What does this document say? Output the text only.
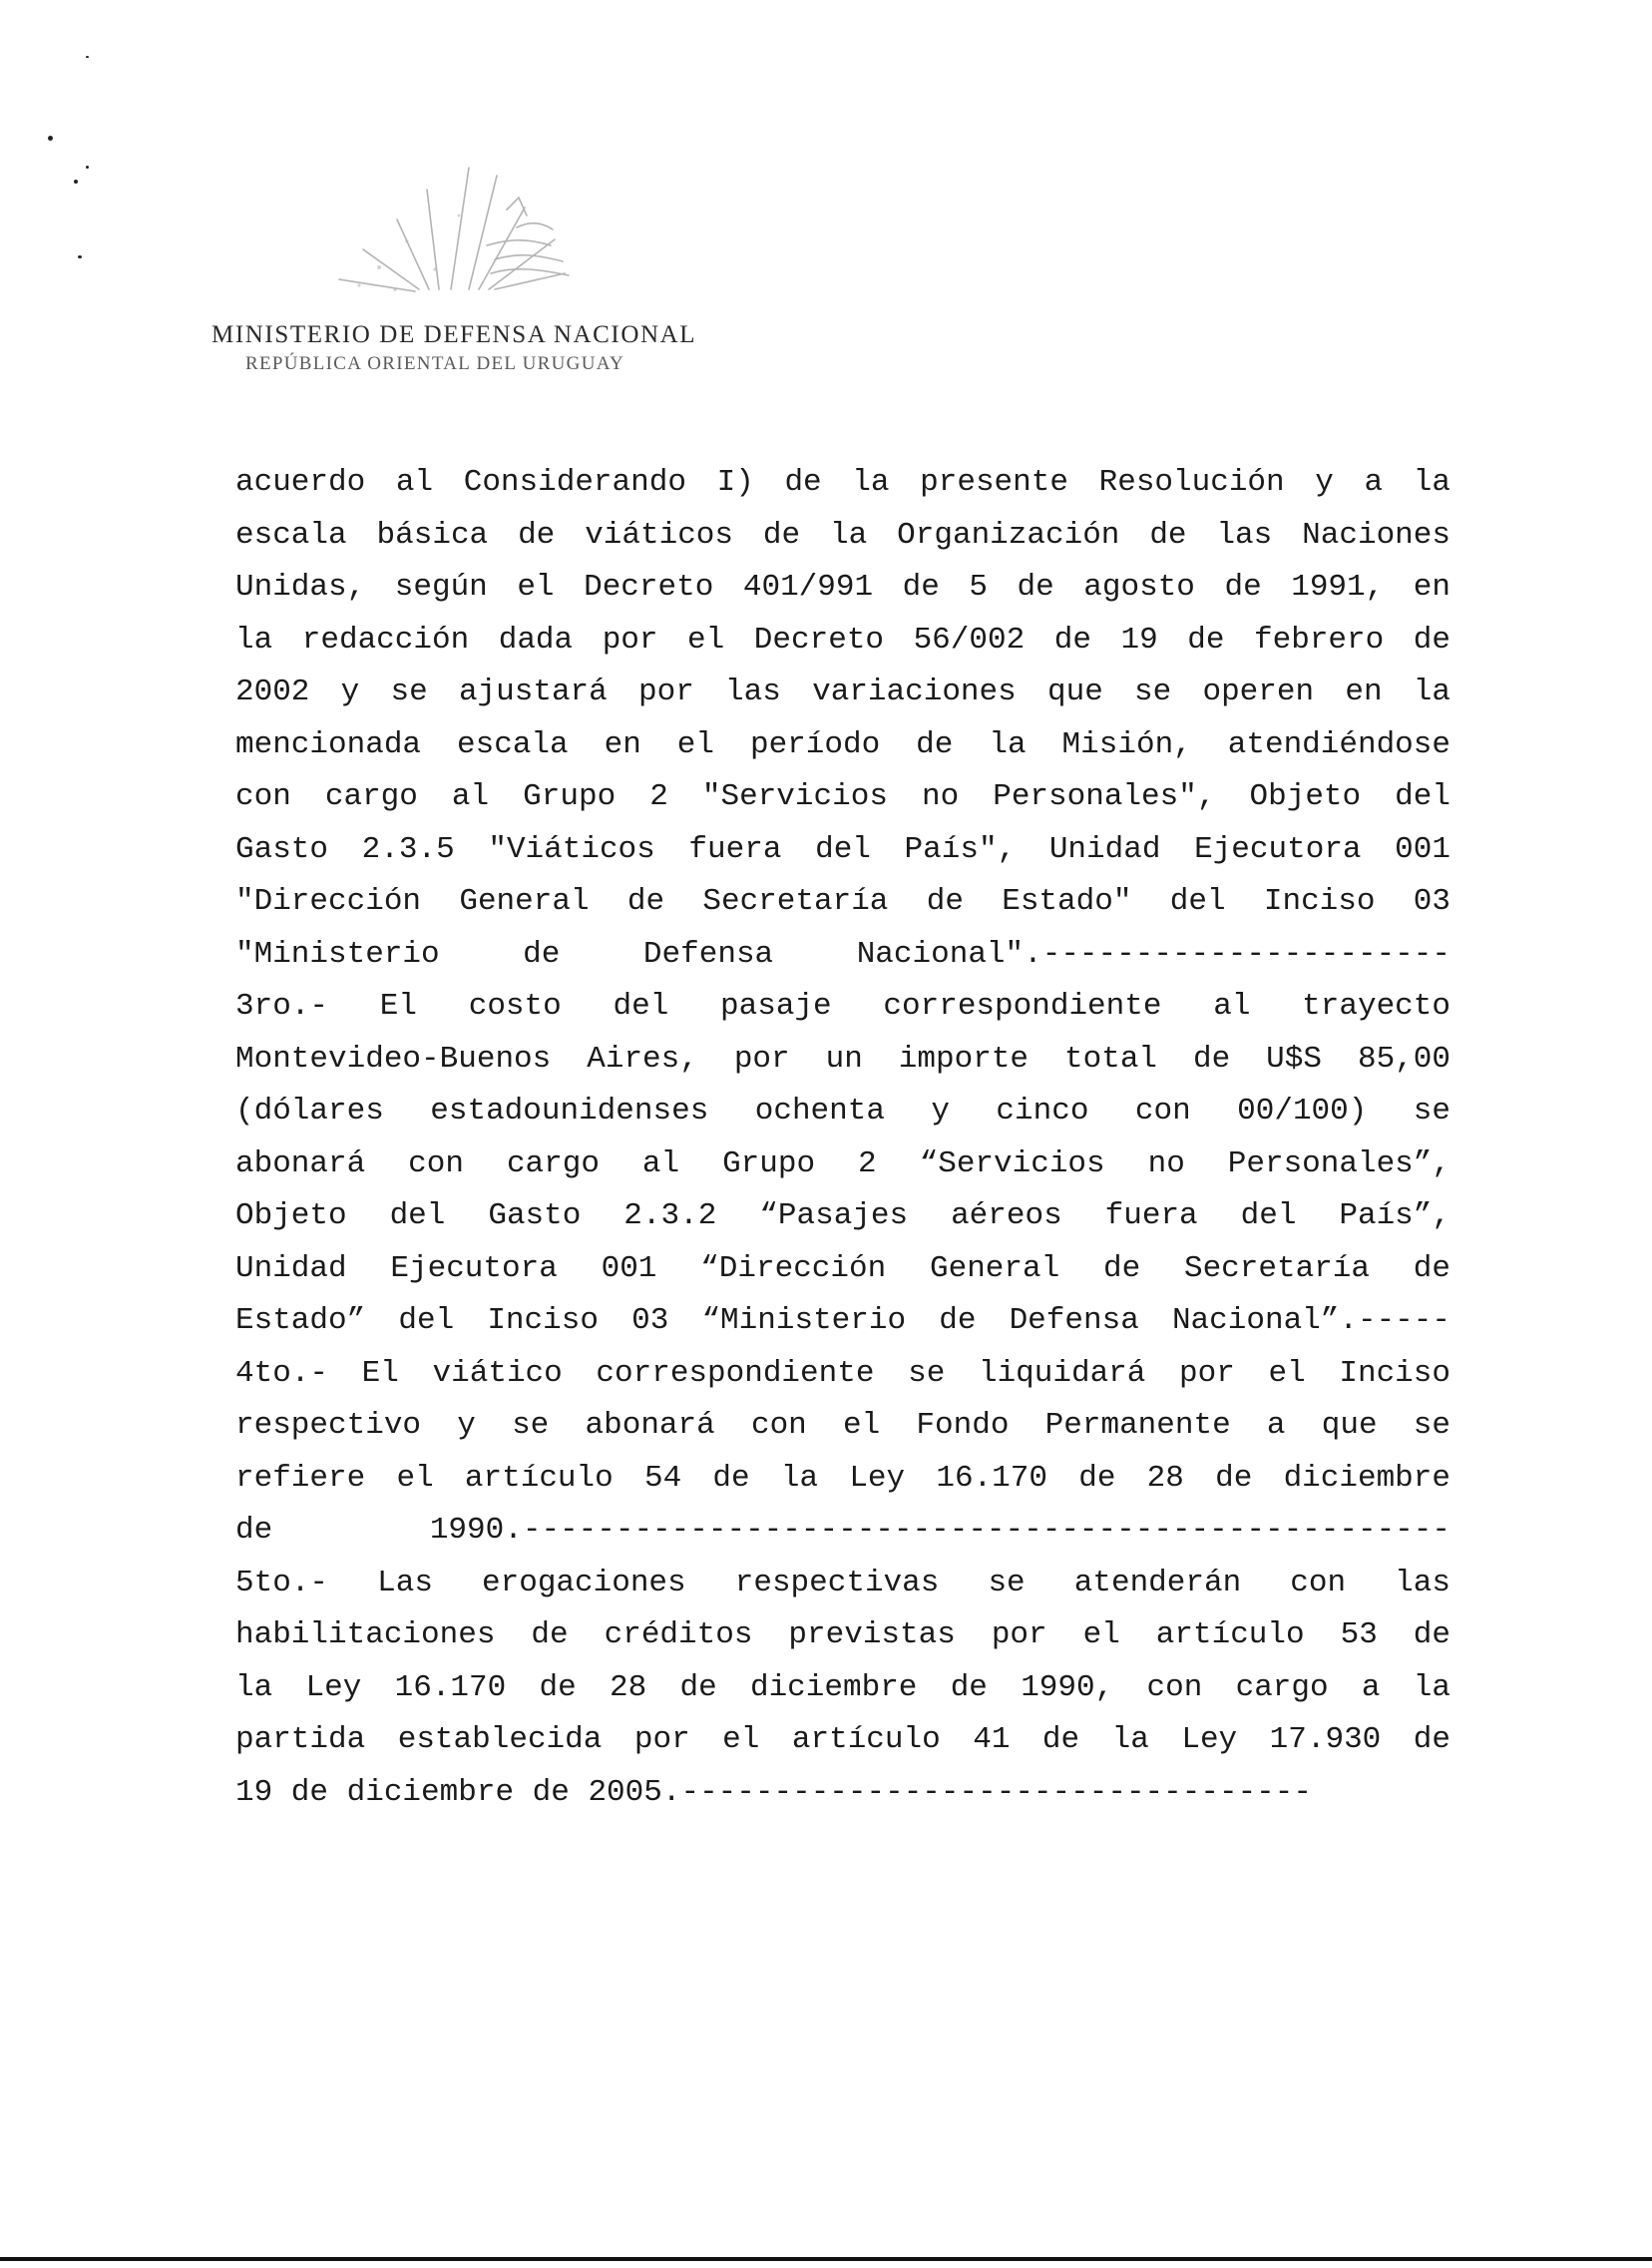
MINISTERIO DE DEFENSA NACIONAL
REPÚBLICA ORIENTAL DEL URUGUAY
acuerdo al Considerando I) de la presente Resolución y a la
escala básica de viáticos de la Organización de las Naciones
Unidas, según el Decreto 401/991 de 5 de agosto de 1991, en
la redacción dada por el Decreto 56/002 de 19 de febrero de
2002 y se ajustará por las variaciones que se operen en la
mencionada escala en el período de la Misión, atendiéndose
con cargo al Grupo 2 "Servicios no Personales", Objeto del
Gasto 2.3.5 "Viáticos fuera del País", Unidad Ejecutora 001
"Dirección General de Secretaría de Estado" del Inciso 03
"Ministerio de Defensa Nacional".----------------------
3ro.- El costo del pasaje correspondiente al trayecto
Montevideo-Buenos Aires, por un importe total de U$S 85,00
(dólares estadounidenses ochenta y cinco con 00/100) se
abonará con cargo al Grupo 2 “Servicios no Personales”,
Objeto del Gasto 2.3.2 “Pasajes aéreos fuera del País”,
Unidad Ejecutora 001 “Dirección General de Secretaría de
Estado” del Inciso 03 “Ministerio de Defensa Nacional”.-----
4to.- El viático correspondiente se liquidará por el Inciso
respectivo y se abonará con el Fondo Permanente a que se
refiere el artículo 54 de la Ley 16.170 de 28 de diciembre
de 1990.--------------------------------------------------
5to.- Las erogaciones respectivas se atenderán con las
habilitaciones de créditos previstas por el artículo 53 de
la Ley 16.170 de 28 de diciembre de 1990, con cargo a la
partida establecida por el artículo 41 de la Ley 17.930 de
19 de diciembre de 2005.----------------------------------
